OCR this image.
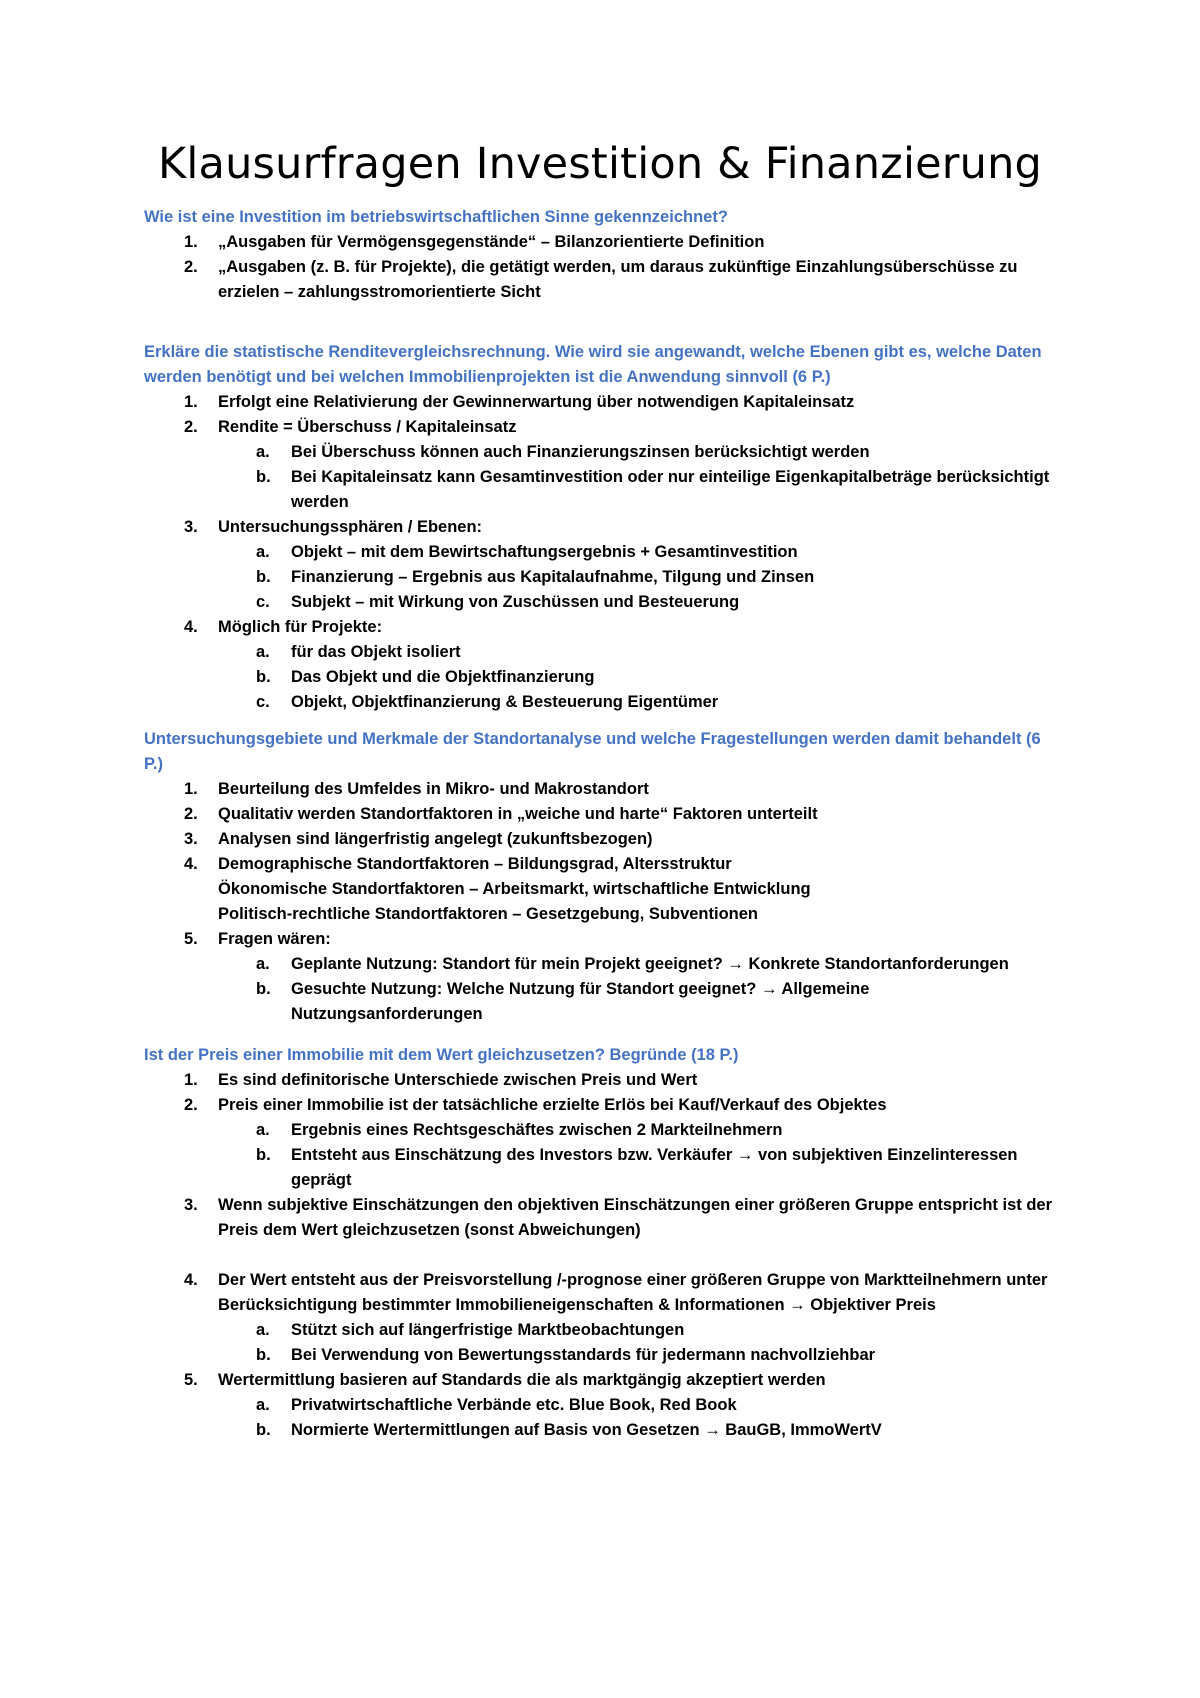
Klausurfragen Investition & Finanzierung

Wie ist eine Investition im betriebswirtschaftlichen Sinne gekennzeichnet?

1.	„Ausgaben für Vermögensgegenstände“ – Bilanzorientierte Definition
2.	„Ausgaben (z. B. für Projekte), die getätigt werden, um daraus zukünftige Einzahlungsüberschüsse zu erzielen – zahlungsstromorientierte Sicht

Erkläre die statistische Renditevergleichsrechnung. Wie wird sie angewandt, welche Ebenen gibt es, welche Daten werden benötigt und bei welchen Immobilienprojekten ist die Anwendung sinnvoll (6 P.)

1.	Erfolgt eine Relativierung der Gewinnerwartung über notwendigen Kapitaleinsatz
2.	Rendite = Überschuss / Kapitaleinsatz
a.	Bei Überschuss können auch Finanzierungszinsen berücksichtigt werden
b.	Bei Kapitaleinsatz kann Gesamtinvestition oder nur einteilige Eigenkapitalbeträge berücksichtigt werden
3.	Untersuchungssphären / Ebenen:
a.	Objekt – mit dem Bewirtschaftungsergebnis + Gesamtinvestition
b.	Finanzierung – Ergebnis aus Kapitalaufnahme, Tilgung und Zinsen
c.	Subjekt – mit Wirkung von Zuschüssen und Besteuerung
4.	Möglich für Projekte:
a.	für das Objekt isoliert
b.	Das Objekt und die Objektfinanzierung
c.	Objekt, Objektfinanzierung & Besteuerung Eigentümer

Untersuchungsgebiete und Merkmale der Standortanalyse und welche Fragestellungen werden damit behandelt (6 P.)

1.	Beurteilung des Umfeldes in Mikro- und Makrostandort
2.	Qualitativ werden Standortfaktoren in „weiche und harte“ Faktoren unterteilt
3.	Analysen sind längerfristig angelegt (zukunftsbezogen)
4.	Demographische Standortfaktoren – Bildungsgrad, Altersstruktur
Ökonomische Standortfaktoren – Arbeitsmarkt, wirtschaftliche Entwicklung
Politisch-rechtliche Standortfaktoren – Gesetzgebung, Subventionen
5.	Fragen wären:
a.	Geplante Nutzung: Standort für mein Projekt geeignet? → Konkrete Standortanforderungen
b.	Gesuchte Nutzung: Welche Nutzung für Standort geeignet? → Allgemeine Nutzungsanforderungen

Ist der Preis einer Immobilie mit dem Wert gleichzusetzen? Begründe (18 P.)

1.	Es sind definitorische Unterschiede zwischen Preis und Wert
2.	Preis einer Immobilie ist der tatsächliche erzielte Erlös bei Kauf/Verkauf des Objektes
a.	Ergebnis eines Rechtsgeschäftes zwischen 2 Markteilnehmern
b.	Entsteht aus Einschätzung des Investors bzw. Verkäufer → von subjektiven Einzelinteressen geprägt
3.	Wenn subjektive Einschätzungen den objektiven Einschätzungen einer größeren Gruppe entspricht ist der Preis dem Wert gleichzusetzen (sonst Abweichungen)
4.	Der Wert entsteht aus der Preisvorstellung /-prognose einer größeren Gruppe von Marktteilnehmern unter Berücksichtigung bestimmter Immobilieneigenschaften & Informationen → Objektiver Preis
a.	Stützt sich auf längerfristige Marktbeobachtungen
b.	Bei Verwendung von Bewertungsstandards für jedermann nachvollziehbar
5.	Wertermittlung basieren auf Standards die als marktgängig akzeptiert werden
a.	Privatwirtschaftliche Verbände etc. Blue Book, Red Book
b.	Normierte Wertermittlungen auf Basis von Gesetzen → BauGB, ImmoWertV
